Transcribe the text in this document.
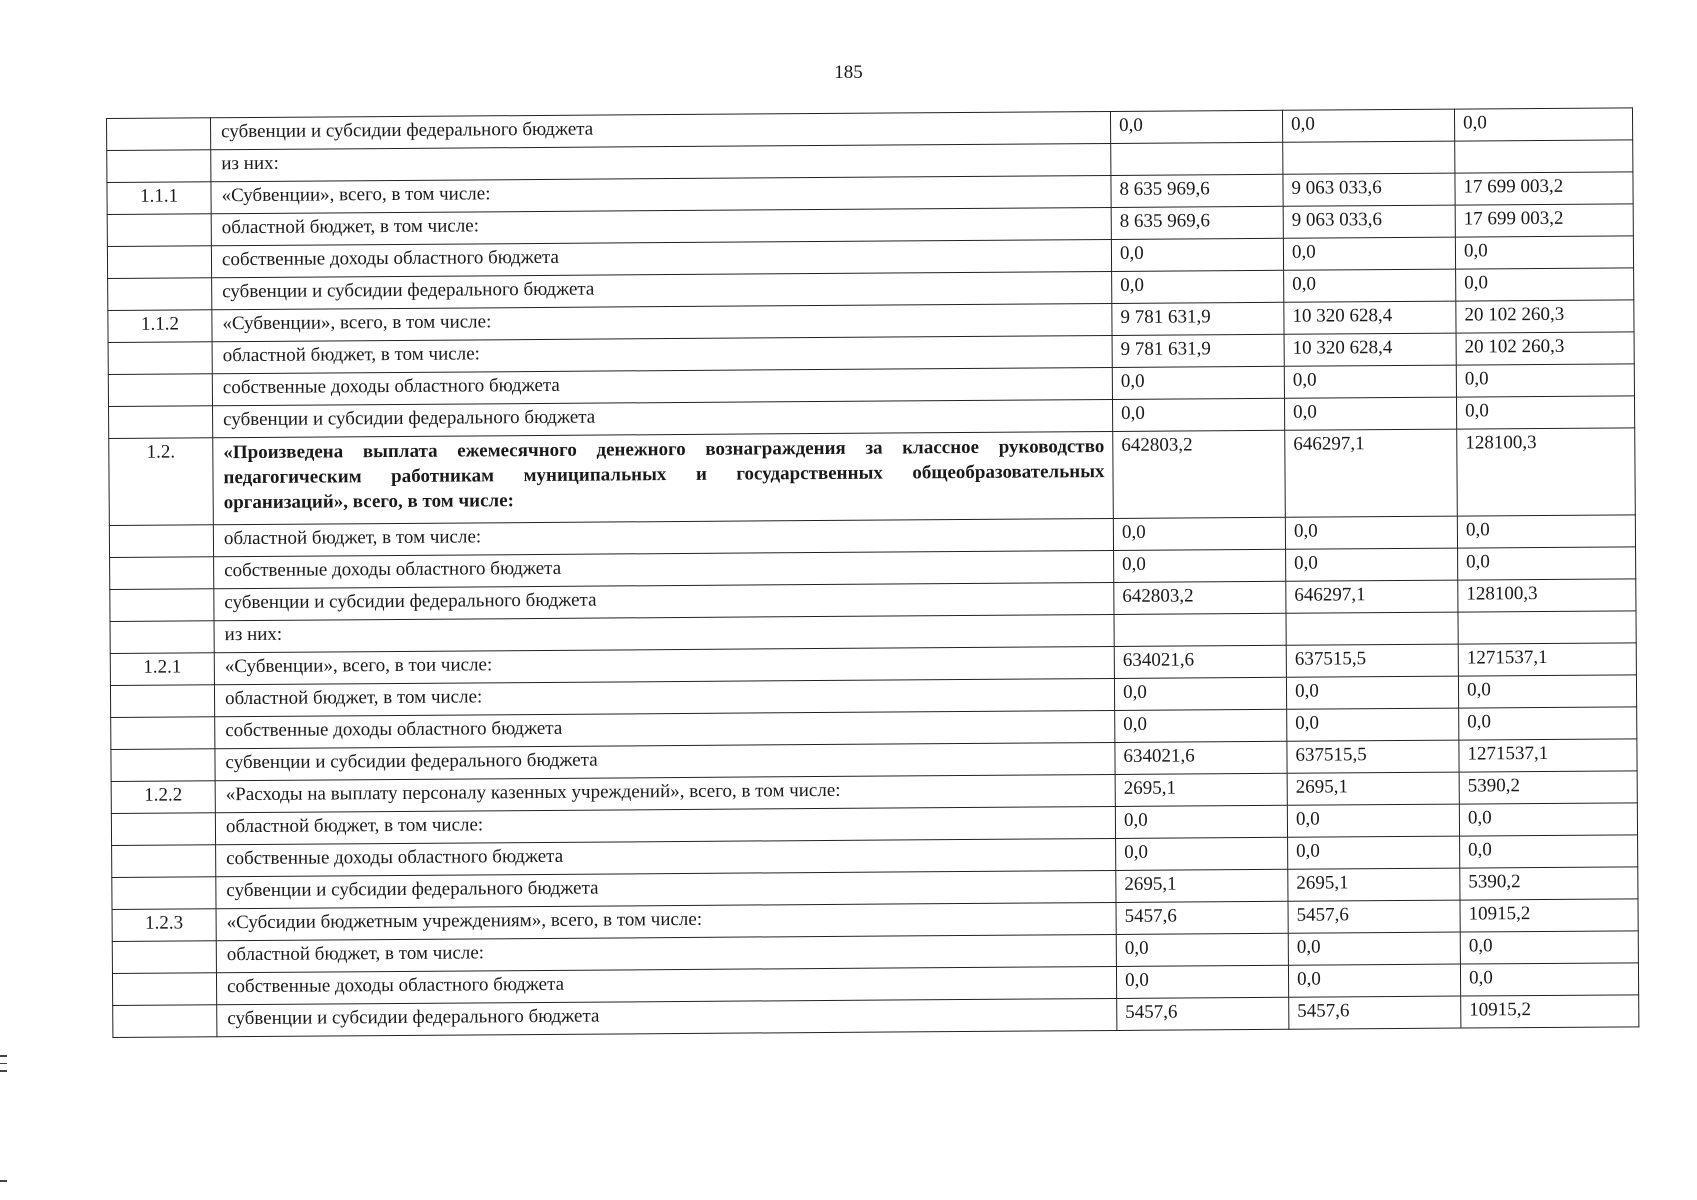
185
	субвенции и субсидии федерального бюджета	0,0	0,0	0,0
	из них:			
1.1.1	«Субвенции», всего, в том числе:	8 635 969,6	9 063 033,6	17 699 003,2
	областной бюджет, в том числе:	8 635 969,6	9 063 033,6	17 699 003,2
	собственные доходы областного бюджета	0,0	0,0	0,0
	субвенции и субсидии федерального бюджета	0,0	0,0	0,0
1.1.2	«Субвенции», всего, в том числе:	9 781 631,9	10 320 628,4	20 102 260,3
	областной бюджет, в том числе:	9 781 631,9	10 320 628,4	20 102 260,3
	собственные доходы областного бюджета	0,0	0,0	0,0
	субвенции и субсидии федерального бюджета	0,0	0,0	0,0
1.2.	«Произведена выплата ежемесячного денежного вознаграждения за классное руководство педагогическим работникам муниципальных и государственных общеобразовательных организаций», всего, в том числе:	642803,2	646297,1	128100,3
	областной бюджет, в том числе:	0,0	0,0	0,0
	собственные доходы областного бюджета	0,0	0,0	0,0
	субвенции и субсидии федерального бюджета	642803,2	646297,1	128100,3
	из них:			
1.2.1	«Субвенции», всего, в тои числе:	634021,6	637515,5	1271537,1
	областной бюджет, в том числе:	0,0	0,0	0,0
	собственные доходы областного бюджета	0,0	0,0	0,0
	субвенции и субсидии федерального бюджета	634021,6	637515,5	1271537,1
1.2.2	«Расходы на выплату персоналу казенных учреждений», всего, в том числе:	2695,1	2695,1	5390,2
	областной бюджет, в том числе:	0,0	0,0	0,0
	собственные доходы областного бюджета	0,0	0,0	0,0
	субвенции и субсидии федерального бюджета	2695,1	2695,1	5390,2
1.2.3	«Субсидии бюджетным учреждениям», всего, в том числе:	5457,6	5457,6	10915,2
	областной бюджет, в том числе:	0,0	0,0	0,0
	собственные доходы областного бюджета	0,0	0,0	0,0
	субвенции и субсидии федерального бюджета	5457,6	5457,6	10915,2
